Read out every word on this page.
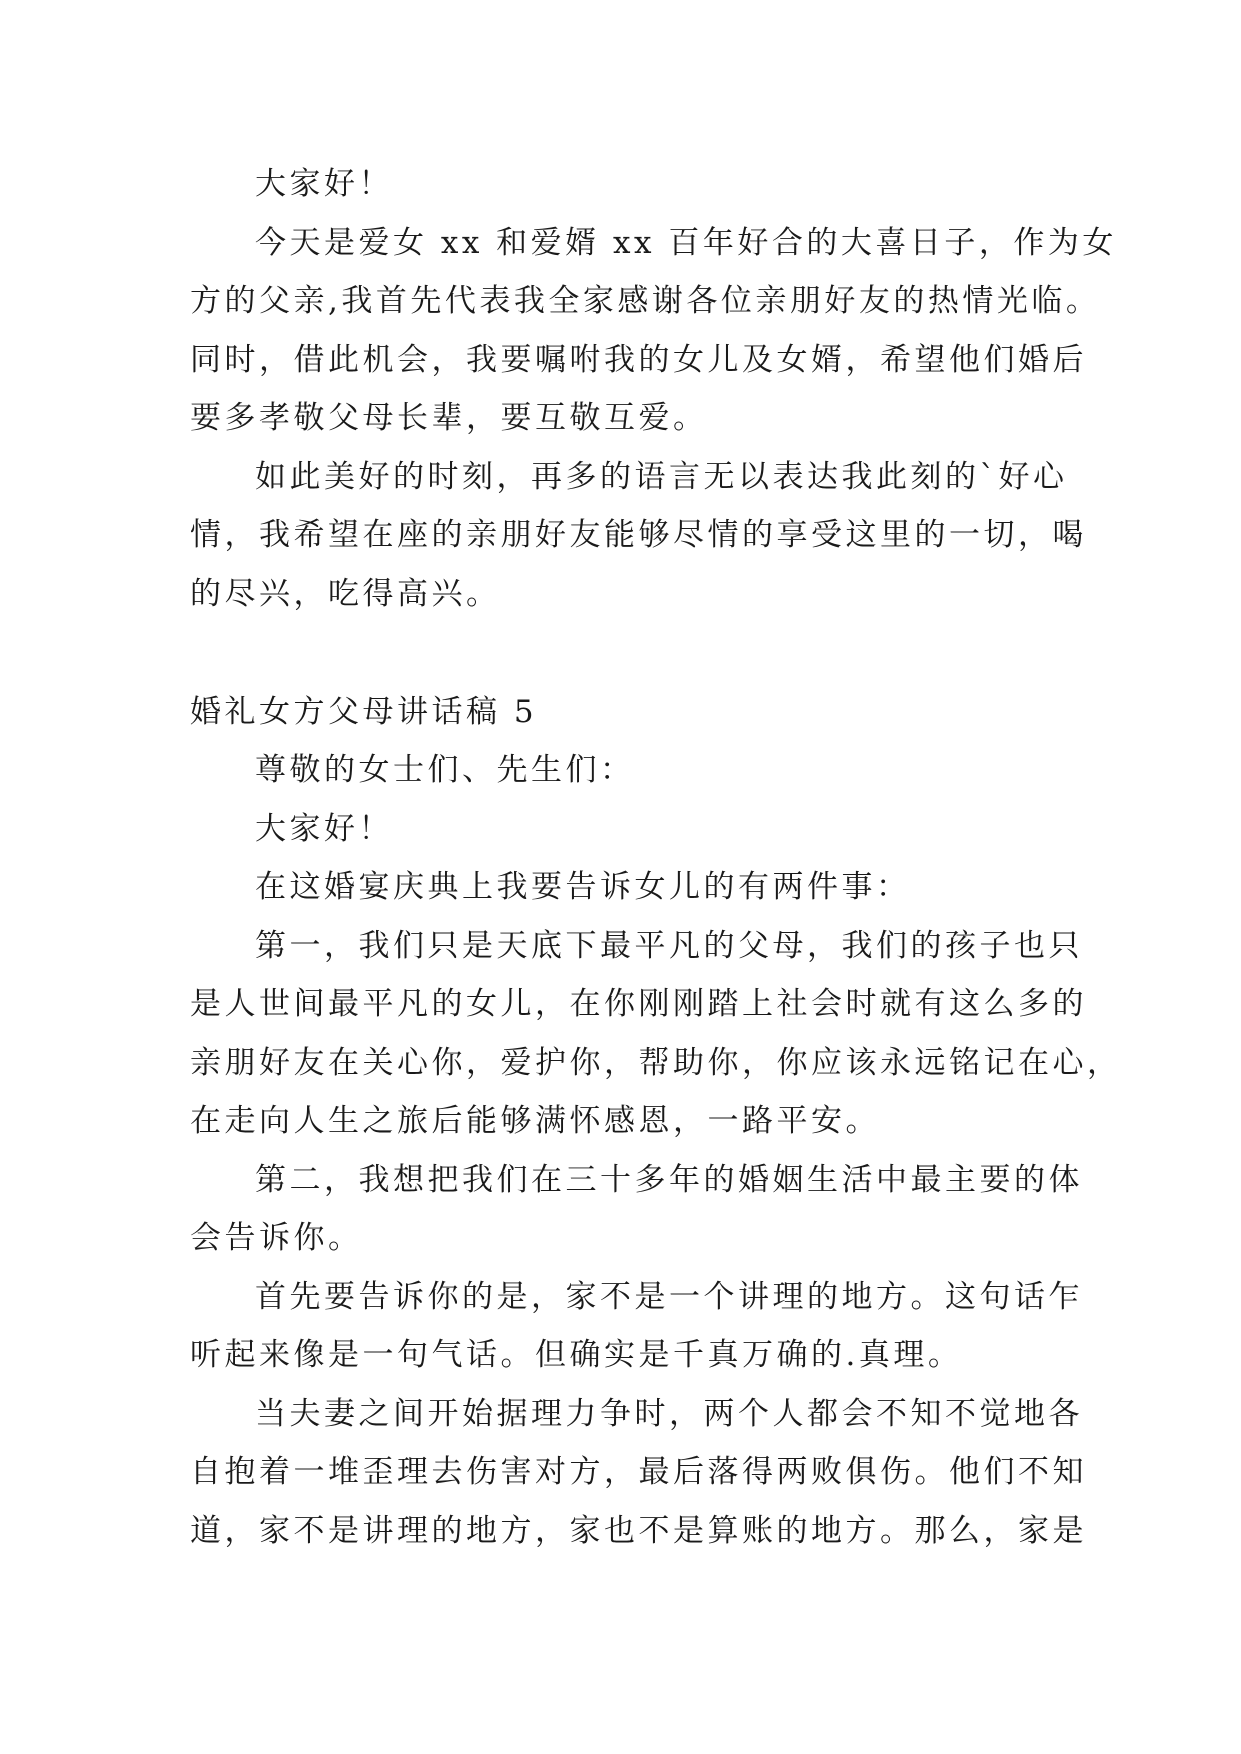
大家好！
今天是爱女 xx 和爱婿 xx 百年好合的大喜日子，作为女
方的父亲,我首先代表我全家感谢各位亲朋好友的热情光临。
同时，借此机会，我要嘱咐我的女儿及女婿，希望他们婚后
要多孝敬父母长辈，要互敬互爱。
如此美好的时刻，再多的语言无以表达我此刻的`好心
情，我希望在座的亲朋好友能够尽情的享受这里的一切，喝
的尽兴，吃得高兴。
婚礼女方父母讲话稿 5
尊敬的女士们、先生们：
大家好！
在这婚宴庆典上我要告诉女儿的有两件事：
第一，我们只是天底下最平凡的父母，我们的孩子也只
是人世间最平凡的女儿，在你刚刚踏上社会时就有这么多的
亲朋好友在关心你，爱护你，帮助你，你应该永远铭记在心，
在走向人生之旅后能够满怀感恩，一路平安。
第二，我想把我们在三十多年的婚姻生活中最主要的体
会告诉你。
首先要告诉你的是，家不是一个讲理的地方。这句话乍
听起来像是一句气话。但确实是千真万确的.真理。
当夫妻之间开始据理力争时，两个人都会不知不觉地各
自抱着一堆歪理去伤害对方，最后落得两败俱伤。他们不知
道，家不是讲理的地方，家也不是算账的地方。那么，家是
